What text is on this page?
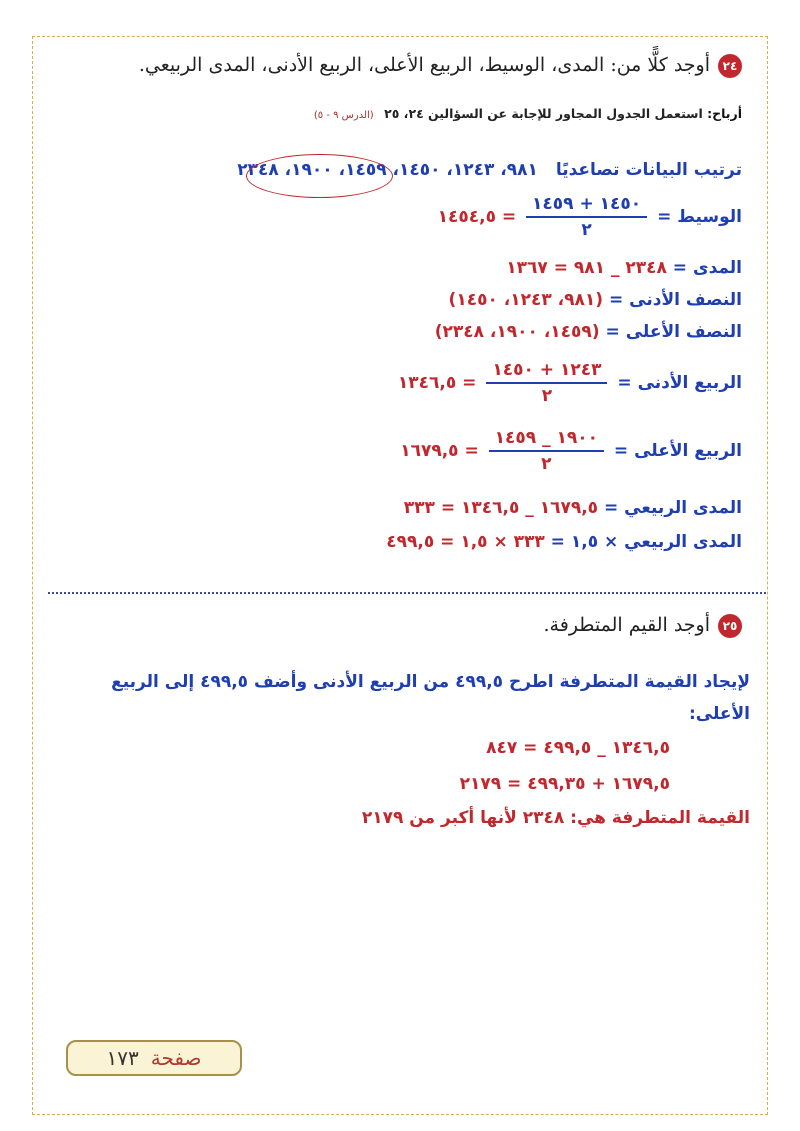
٢٤أوجد كلًّا من: المدى، الوسيط، الربيع الأعلى، الربيع الأدنى، المدى الربيعي.
أرباح: استعمل الجدول المجاور للإجابة عن السؤالين ٢٤، ٢٥ (الدرس ٩ - ٥)
ترتيب البيانات تصاعديًا ٩٨١، ١٢٤٣، ١٤٥٠، ١٤٥٩، ١٩٠٠، ٢٣٤٨
الوسيط =
$\frac{١٤٥٠ + ١٤٥٩}{٢}$
= ١٤٥٤,٥
المدى = ٢٣٤٨ _ ٩٨١ = ١٣٦٧
النصف الأدنى = (٩٨١، ١٢٤٣، ١٤٥٠)
النصف الأعلى = (١٤٥٩، ١٩٠٠، ٢٣٤٨)
الربيع الأدنى =
$\frac{١٢٤٣ + ١٤٥٠}{٢}$
= ١٣٤٦,٥
الربيع الأعلى =
$\frac{١٩٠٠ \_ ١٤٥٩}{٢}$
= ١٦٧٩,٥
المدى الربيعي = ١٦٧٩,٥ _ ١٣٤٦,٥ = ٣٣٣
المدى الربيعي × ١,٥ = ٣٣٣ × ١,٥ = ٤٩٩,٥
٢٥أوجد القيم المتطرفة.
لإيجاد القيمة المتطرفة اطرح ٤٩٩,٥ من الربيع الأدنى وأضف ٤٩٩,٥ إلى الربيع
الأعلى:
١٣٤٦,٥ _ ٤٩٩,٥ = ٨٤٧
١٦٧٩,٥ + ٤٩٩,٣٥ = ٢١٧٩
القيمة المتطرفة هي: ٢٣٤٨ لأنها أكبر من ٢١٧٩
صفحة١٧٣
